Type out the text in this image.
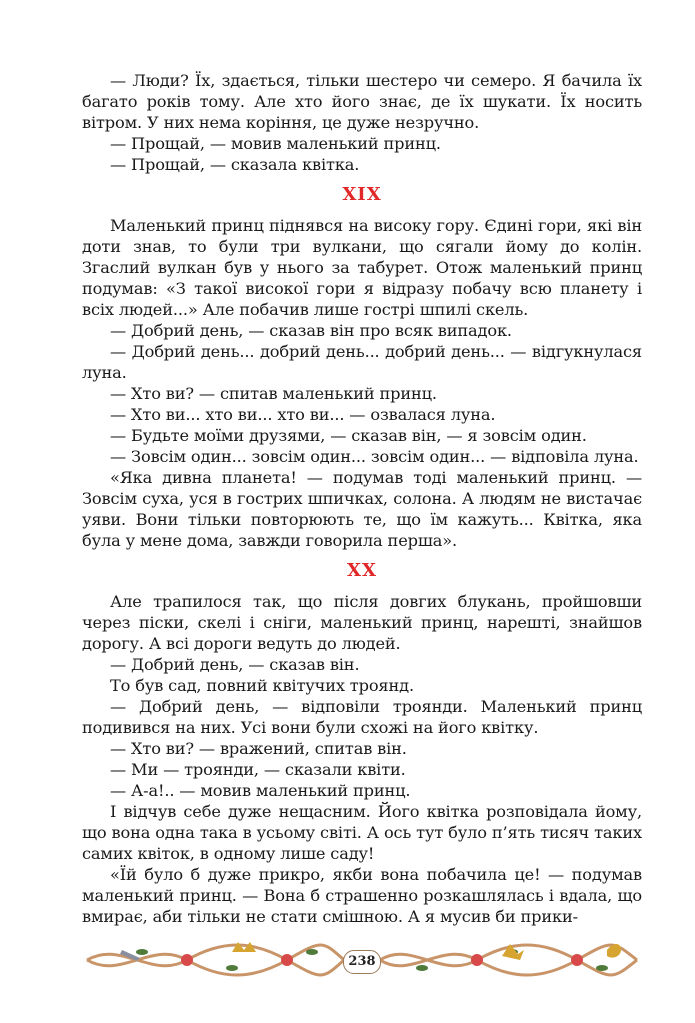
— Люди? Їх, здається, тільки шестеро чи семеро. Я бачила їх багато років тому. Але хто його знає, де їх шукати. Їх носить вітром. У них нема коріння, це дуже незручно.

— Прощай, — мовив маленький принц.

— Прощай, — сказала квітка.

XIX

Маленький принц піднявся на високу гору. Єдині гори, які він доти знав, то були три вулкани, що сягали йому до колін. Згаслий вулкан був у нього за табурет. Отож маленький принц подумав: «З такої високої гори я відразу побачу всю планету і всіх людей...» Але побачив лише гострі шпилі скель.

— Добрий день, — сказав він про всяк випадок.

— Добрий день... добрий день... добрий день... — відгукнулася луна.

— Хто ви? — спитав маленький принц.

— Хто ви... хто ви... хто ви... — озвалася луна.

— Будьте моїми друзями, — сказав він, — я зовсім один.

— Зовсім один... зовсім один... зовсім один... — відповіла луна.

«Яка дивна планета! — подумав тоді маленький принц. — Зовсім суха, уся в гострих шпичках, солона. А людям не вистачає уяви. Вони тільки повторюють те, що їм кажуть... Квітка, яка була у мене дома, завжди говорила перша».

XX

Але трапилося так, що після довгих блукань, пройшовши через піски, скелі і сніги, маленький принц, нарешті, знайшов дорогу. А всі дороги ведуть до людей.

— Добрий день, — сказав він.

То був сад, повний квітучих троянд.

— Добрий день, — відповіли троянди. Маленький принц подивився на них. Усі вони були схожі на його квітку.

— Хто ви? — вражений, спитав він.

— Ми — троянди, — сказали квіти.

— А-а!.. — мовив маленький принц.

І відчув себе дуже нещасним. Його квітка розповідала йому, що вона одна така в усьому світі. А ось тут було п’ять тисяч таких самих квіток, в одному лише саду!

«Їй було б дуже прикро, якби вона побачила це! — подумав маленький принц. — Вона б страшенно розкашлялась і вдала, що вмирає, аби тільки не стати смішною. А я мусив би прики-

238
